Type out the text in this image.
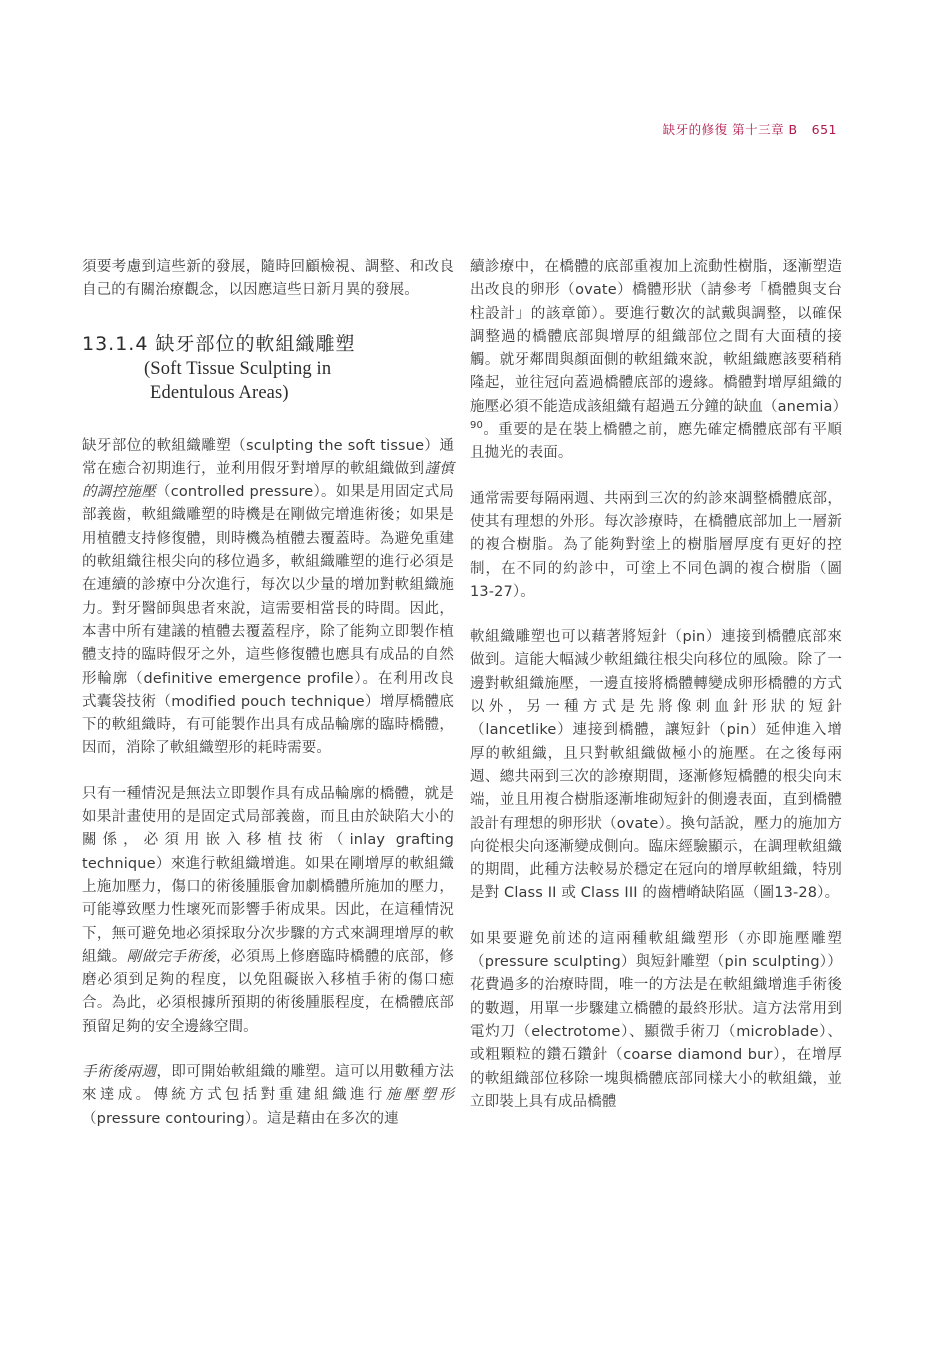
缺牙的修復 第十三章 B 651

須要考慮到這些新的發展，隨時回顧檢視、調整、和改良自己的有關治療觀念，以因應這些日新月異的發展。

13.1.4 缺牙部位的軟組織雕塑
(Soft Tissue Sculpting in
Edentulous Areas)

缺牙部位的軟組織雕塑（sculpting the soft tissue）通常在癒合初期進行，並利用假牙對增厚的軟組織做到謹慎的調控施壓（controlled pressure）。如果是用固定式局部義齒，軟組織雕塑的時機是在剛做完增進術後；如果是用植體支持修復體，則時機為植體去覆蓋時。為避免重建的軟組織往根尖向的移位過多，軟組織雕塑的進行必須是在連續的診療中分次進行，每次以少量的增加對軟組織施力。對牙醫師與患者來說，這需要相當長的時間。因此，本書中所有建議的植體去覆蓋程序，除了能夠立即製作植體支持的臨時假牙之外，這些修復體也應具有成品的自然形輪廓（definitive emergence profile）。在利用改良式囊袋技術（modified pouch technique）增厚橋體底下的軟組織時，有可能製作出具有成品輪廓的臨時橋體，因而，消除了軟組織塑形的耗時需要。

只有一種情況是無法立即製作具有成品輪廓的橋體，就是如果計畫使用的是固定式局部義齒，而且由於缺陷大小的關係，必須用嵌入移植技術（inlay grafting technique）來進行軟組織增進。如果在剛增厚的軟組織上施加壓力，傷口的術後腫脹會加劇橋體所施加的壓力，可能導致壓力性壞死而影響手術成果。因此，在這種情況下，無可避免地必須採取分次步驟的方式來調理增厚的軟組織。剛做完手術後，必須馬上修磨臨時橋體的底部，修磨必須到足夠的程度，以免阻礙嵌入移植手術的傷口癒合。為此，必須根據所預期的術後腫脹程度，在橋體底部預留足夠的安全邊緣空間。

手術後兩週，即可開始軟組織的雕塑。這可以用數種方法來達成。傳統方式包括對重建組織進行施壓塑形（pressure contouring）。這是藉由在多次的連

續診療中，在橋體的底部重複加上流動性樹脂，逐漸塑造出改良的卵形（ovate）橋體形狀（請參考「橋體與支台柱設計」的該章節）。要進行數次的試戴與調整，以確保調整過的橋體底部與增厚的組織部位之間有大面積的接觸。就牙鄰間與顏面側的軟組織來說，軟組織應該要稍稍隆起，並往冠向蓋過橋體底部的邊緣。橋體對增厚組織的施壓必須不能造成該組織有超過五分鐘的缺血（anemia）$^{90}$。重要的是在裝上橋體之前，應先確定橋體底部有平順且拋光的表面。

通常需要每隔兩週、共兩到三次的約診來調整橋體底部，使其有理想的外形。每次診療時，在橋體底部加上一層新的複合樹脂。為了能夠對塗上的樹脂層厚度有更好的控制，在不同的約診中，可塗上不同色調的複合樹脂（圖13-27）。

軟組織雕塑也可以藉著將短針（pin）連接到橋體底部來做到。這能大幅減少軟組織往根尖向移位的風險。除了一邊對軟組織施壓，一邊直接將橋體轉變成卵形橋體的方式以外，另一種方式是先將像刺血針形狀的短針（lancetlike）連接到橋體，讓短針（pin）延伸進入增厚的軟組織，且只對軟組織做極小的施壓。在之後每兩週、總共兩到三次的診療期間，逐漸修短橋體的根尖向末端，並且用複合樹脂逐漸堆砌短針的側邊表面，直到橋體設計有理想的卵形狀（ovate）。換句話說，壓力的施加方向從根尖向逐漸變成側向。臨床經驗顯示，在調理軟組織的期間，此種方法較易於穩定在冠向的增厚軟組織，特別是對 Class II 或 Class III 的齒槽嵴缺陷區（圖13-28）。

如果要避免前述的這兩種軟組織塑形（亦即施壓雕塑（pressure sculpting）與短針雕塑（pin sculpting））花費過多的治療時間，唯一的方法是在軟組織增進手術後的數週，用單一步驟建立橋體的最終形狀。這方法常用到電灼刀（electrotome）、顯微手術刀（microblade）、或粗顆粒的鑽石鑽針（coarse diamond bur），在增厚的軟組織部位移除一塊與橋體底部同樣大小的軟組織，並立即裝上具有成品橋體
